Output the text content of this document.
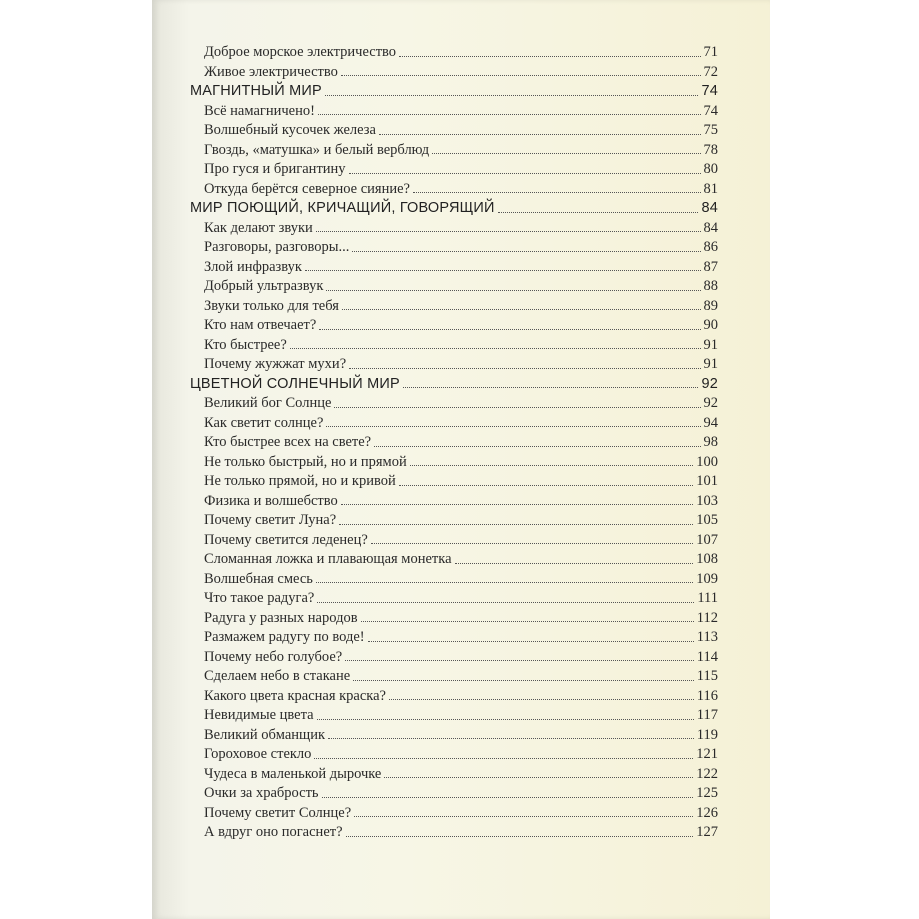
Доброе морское электричество	71
Живое электричество	72
МАГНИТНЫЙ МИР	74
Всё намагничено!	74
Волшебный кусочек железа	75
Гвоздь, «матушка» и белый верблюд	78
Про гуся и бригантину	80
Откуда берётся северное сияние?	81
МИР ПОЮЩИЙ, КРИЧАЩИЙ, ГОВОРЯЩИЙ	84
Как делают звуки	84
Разговоры, разговоры...	86
Злой инфразвук	87
Добрый ультразвук	88
Звуки только для тебя	89
Кто нам отвечает?	90
Кто быстрее?	91
Почему жужжат мухи?	91
ЦВЕТНОЙ СОЛНЕЧНЫЙ МИР	92
Великий бог Солнце	92
Как светит солнце?	94
Кто быстрее всех на свете?	98
Не только быстрый, но и прямой	100
Не только прямой, но и кривой	101
Физика и волшебство	103
Почему светит Луна?	105
Почему светится леденец?	107
Сломанная ложка и плавающая монетка	108
Волшебная смесь	109
Что такое радуга?	111
Радуга у разных народов	112
Размажем радугу по воде!	113
Почему небо голубое?	114
Сделаем небо в стакане	115
Какого цвета красная краска?	116
Невидимые цвета	117
Великий обманщик	119
Гороховое стекло	121
Чудеса в маленькой дырочке	122
Очки за храбрость	125
Почему светит Солнце?	126
А вдруг оно погаснет?	127
